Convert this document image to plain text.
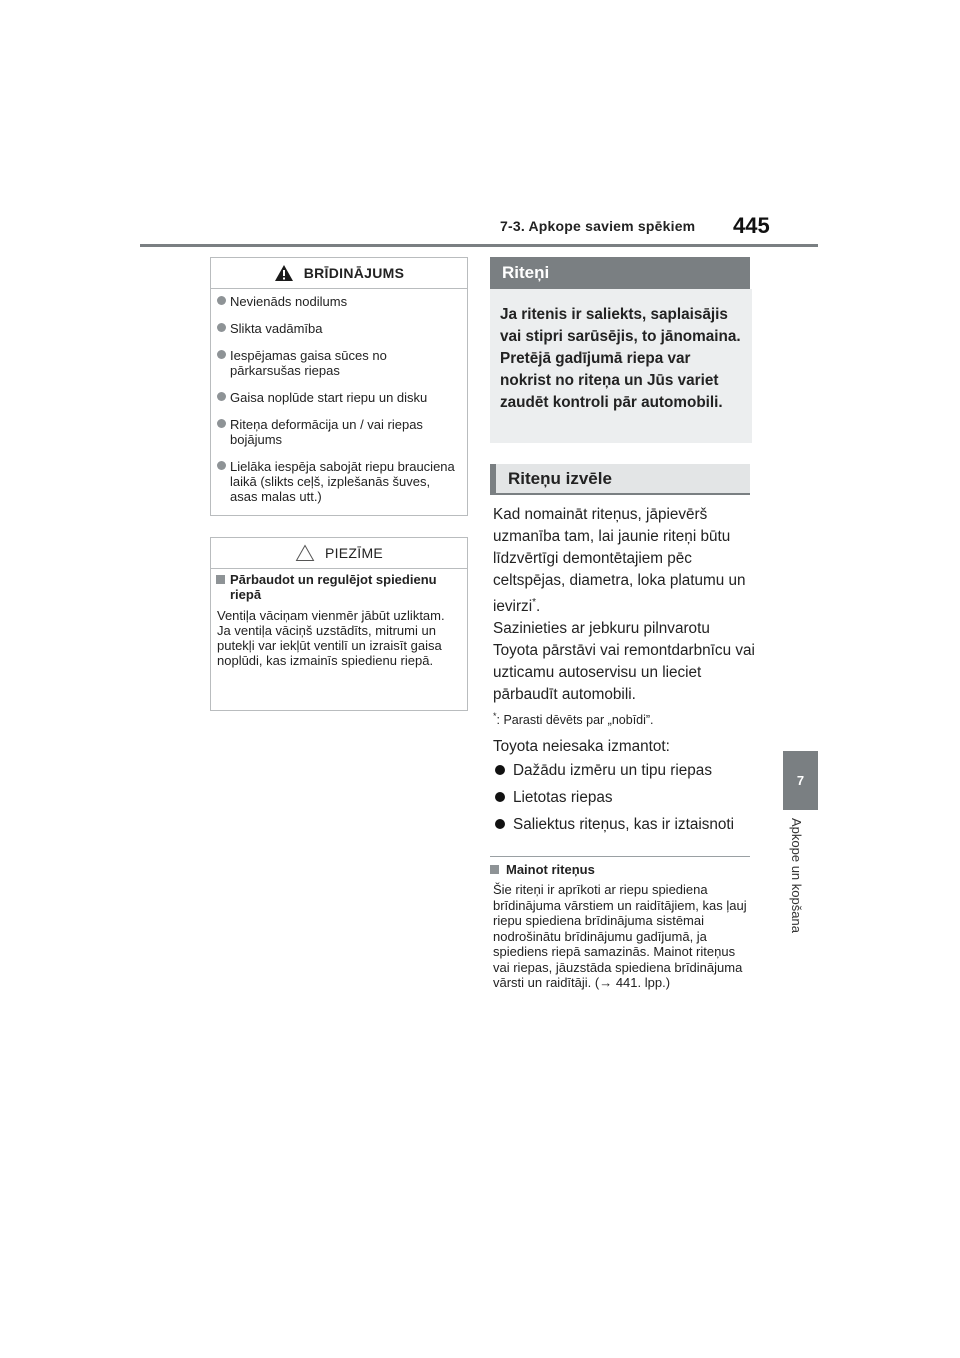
7-3. Apkope saviem spēkiem 445
7
Apkope un kopšana
BRĪDINĀJUMS
Nevienāds nodilums
Slikta vadāmība
Iespējamas gaisa sūces no pārkarsušas riepas
Gaisa noplūde start riepu un disku
Riteņa deformācija un / vai riepas bojājums
Lielāka iespēja sabojāt riepu brauciena laikā (slikts ceļš, izplešanās šuves, asas malas utt.)
PIEZĪME
Pārbaudot un regulējot spiedienu riepā
Ventiļa vāciņam vienmēr jābūt uzliktam.
Ja ventiļa vāciņš uzstādīts, mitrumi un putekļi var iekļūt ventilī un izraisīt gaisa noplūdi, kas izmainīs spiedienu riepā.
Riteņi
Ja ritenis ir saliekts, saplaisājis vai stipri sarūsējis, to jānomaina. Pretējā gadījumā riepa var nokrist no riteņa un Jūs variet zaudēt kontroli pār automobili.
Riteņu izvēle
Kad nomaināt riteņus, jāpievērš uzmanība tam, lai jaunie riteņi būtu līdzvērtīgi demontētajiem pēc celtspējas, diametra, loka platumu un ievirzi*.
Sazinieties ar jebkuru pilnvarotu Toyota pārstāvi vai remontdarbnīcu vai uzticamu autoservisu un lieciet pārbaudīt automobili.
*: Parasti dēvēts par „nobīdi”.
Toyota neiesaka izmantot:
Dažādu izmēru un tipu riepas
Lietotas riepas
Saliektus riteņus, kas ir iztaisnoti
Mainot riteņus
Šie riteņi ir aprīkoti ar riepu spiediena brīdinājuma vārstiem un raidītājiem, kas ļauj riepu spiediena brīdinājuma sistēmai nodrošinātu brīdinājumu gadījumā, ja spiediens riepā samazinās. Mainot riteņus vai riepas, jāuzstāda spiediena brīdinājuma vārsti un raidītāji. (→ 441. lpp.)
